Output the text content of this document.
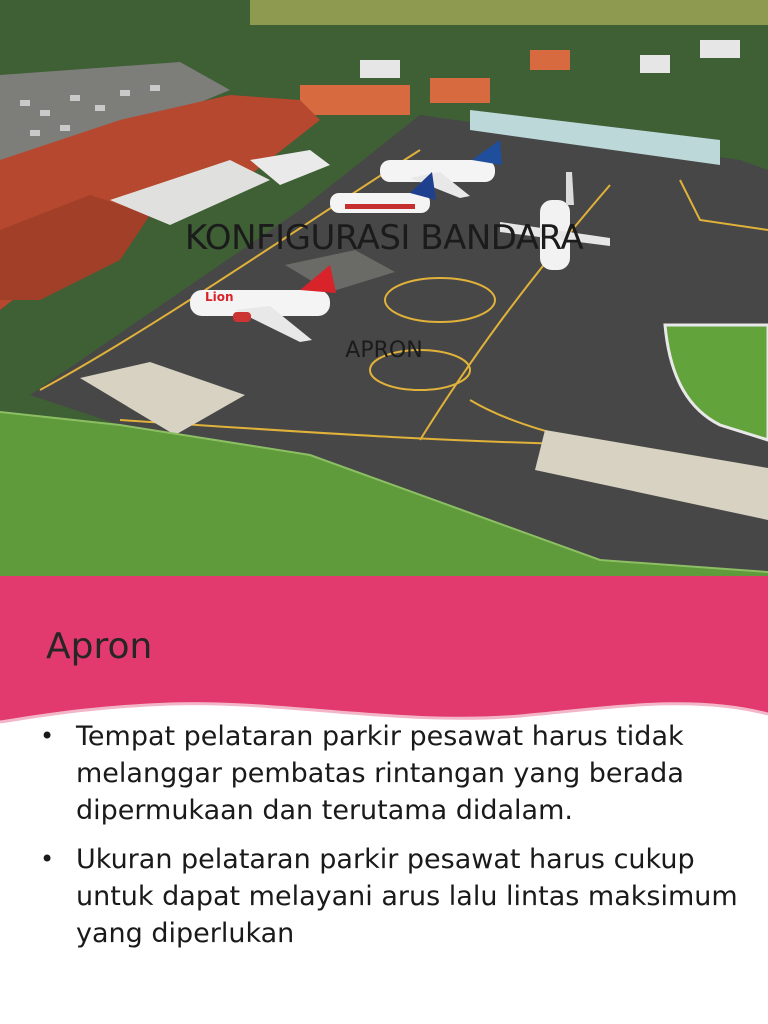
Lion
KONFIGURASI BANDARA
APRON
Apron
• Tempat pelataran parkir pesawat harus tidak melanggar pembatas rintangan yang berada dipermukaan dan terutama didalam.
• Ukuran pelataran parkir pesawat harus cukup untuk dapat melayani arus lalu lintas maksimum yang diperlukan
